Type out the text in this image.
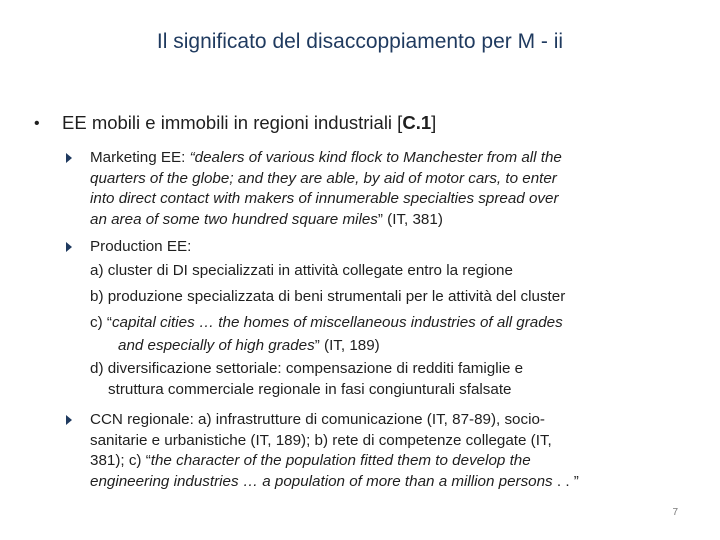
Il significato del disaccoppiamento per M - ii
• EE mobili e immobili in regioni industriali [C.1]
Marketing EE: “dealers of various kind flock to Manchester from all the
quarters of the globe; and they are able, by aid of motor cars, to enter
into direct contact with makers of innumerable specialties spread over
an area of some two hundred square miles” (IT, 381)
Production EE:
a) cluster di DI specializzati in attività collegate entro la regione
b) produzione specializzata di beni strumentali per le attività del cluster
c) “capital cities … the homes of miscellaneous industries of all grades
and especially of high grades” (IT, 189)
d) diversificazione settoriale: compensazione di redditi famiglie e
struttura commerciale regionale in fasi congiunturali sfalsate
CCN regionale: a) infrastrutture di comunicazione (IT, 87-89), socio-
sanitarie e urbanistiche (IT, 189); b) rete di competenze collegate (IT,
381); c) “the character of the population fitted them to develop the
engineering industries … a population of more than a million persons . . ”
7
